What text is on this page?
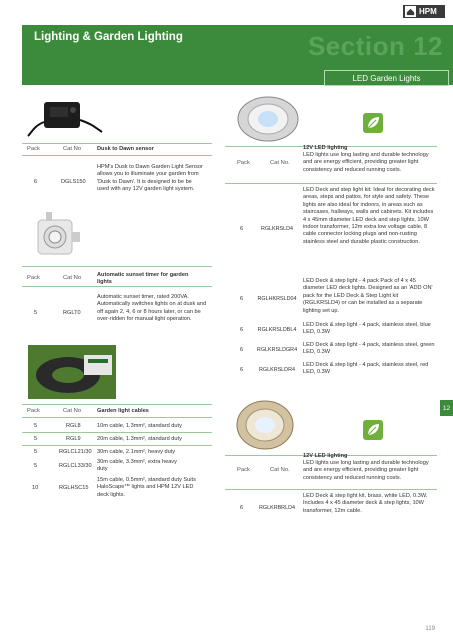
HPM
Lighting & Garden Lighting	Section 12
LED Garden Lights
12
Pack	Cat No	Dusk to Dawn sensor
6	DGLS150
HPM's Dusk to Dawn Garden Light Sensor allows you to illuminate your garden from 'Dusk to Dawn'. It is designed to be be used with any 12V garden light system.
Pack	Cat No	Automatic sunset timer for garden lights
5	RGLT0
Automatic sunset timer, rated 200VA. Automatically switches lights on at dusk and off again 2, 4, 6 or 8 hours later, or can be over-ridden for manual light operation.
Pack	Cat No.
12V LED lighting
LED lights use long lasting and durable technology and are energy efficient, providing greater light consistency and reduced running costs.
6	RGLKRSLD4
LED Deck and step light kit: Ideal for decorating deck areas, steps and patios, for style and safety. These lights are also ideal for indoors, in areas such as staircases, hallways, walls and cabinets. Kit includes 4 x 45mm diameter LED deck and step lights, 10W indoor transformer, 12m extra low voltage cable, 8 cable connector locking plugs and non-rusting stainless steel and durable plastic construction.
6	RGLHKRSLD04
LED Deck & step light - 4 pack Pack of 4 x 45 diameter LED deck lights. Designed as an 'ADD ON' pack for the LED Deck & Step Light kit (RGLKRSLD4) or can be installed as a separate lighting set up.
6	RGLKRSLDBL4
LED Deck & step light - 4 pack, stainless steel, blue LED, 0.3W
6	RGLKRSLDGR4
LED Deck & step light - 4 pack, stainless steel, green LED, 0.3W
6	RGLKRSLDR4
LED Deck & step light - 4 pack, stainless steel, red LED, 0.3W
Pack	Cat No	Garden light cables
5	RGL8	10m cable, 1.3mm², standard duty
5	RGL9	20m cable, 1.3mm², standard duty
5	RGLCL21/30 30m cable, 2.1mm², heavy duty
5	RGLCL33/30
30m cable, 3.3mm², extra heavy duty
10	RGLHSC15
15m cable, 0.5mm², standard duty Suits HaloScape™ lights and HPM 12V LED deck lights.
Pack	Cat No.
12V LED lighting
LED lights use long lasting and durable technology and are energy efficient, providing greater light consistency and reduced running costs.
6	RGLKRBRLD4
LED Deck & step light kit, brass, white LED, 0.3W. Includes 4 x 45 diameter deck & step lights, 10W transformer, 12m cable.
119
